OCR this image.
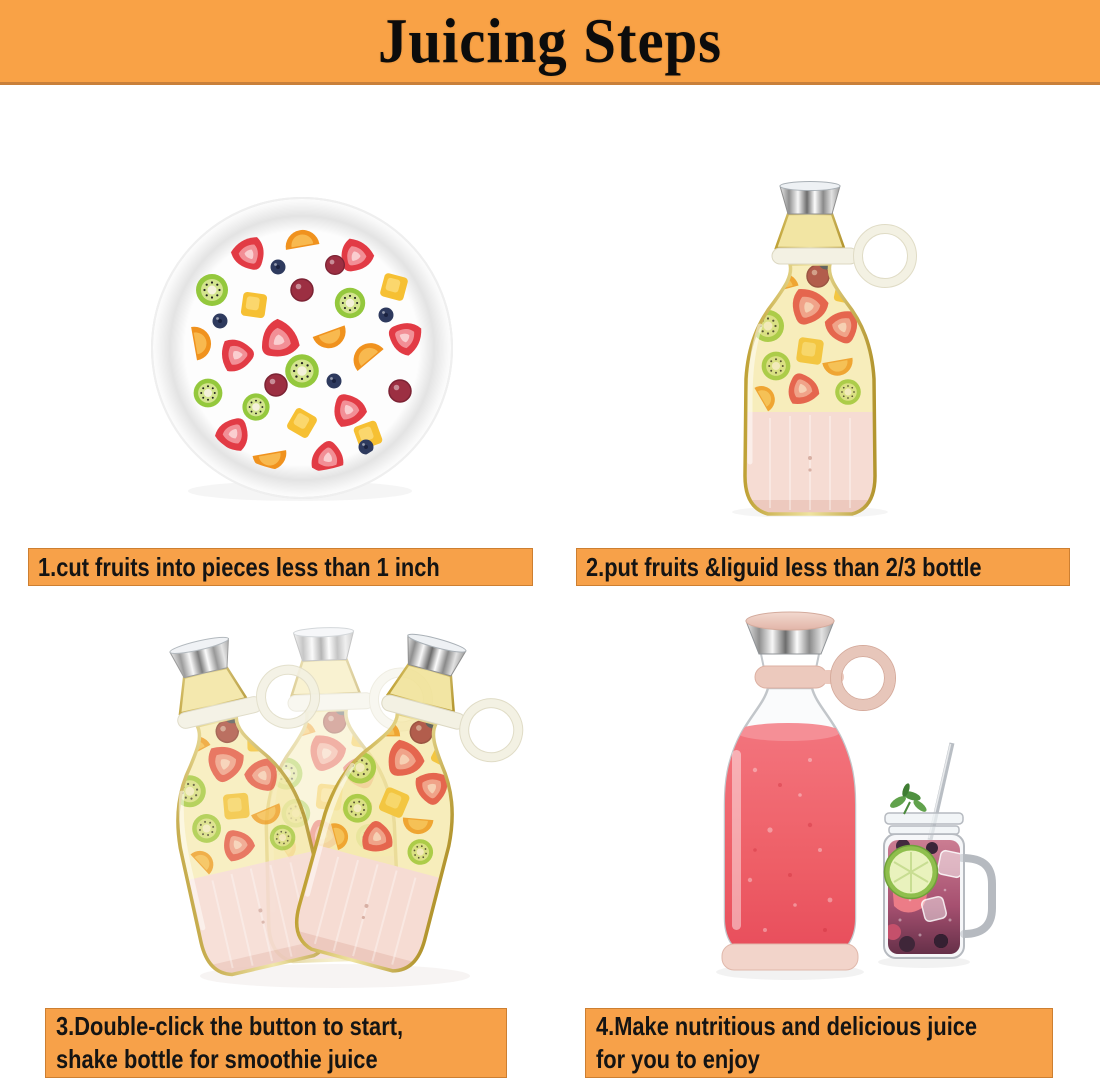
Juicing Steps
1.cut fruits into pieces less than 1 inch	2.put fruits &liguid less than 2/3 bottle
3.Double-click the button to start,
shake bottle for smoothie juice
4.Make nutritious and delicious juice
for you to enjoy
